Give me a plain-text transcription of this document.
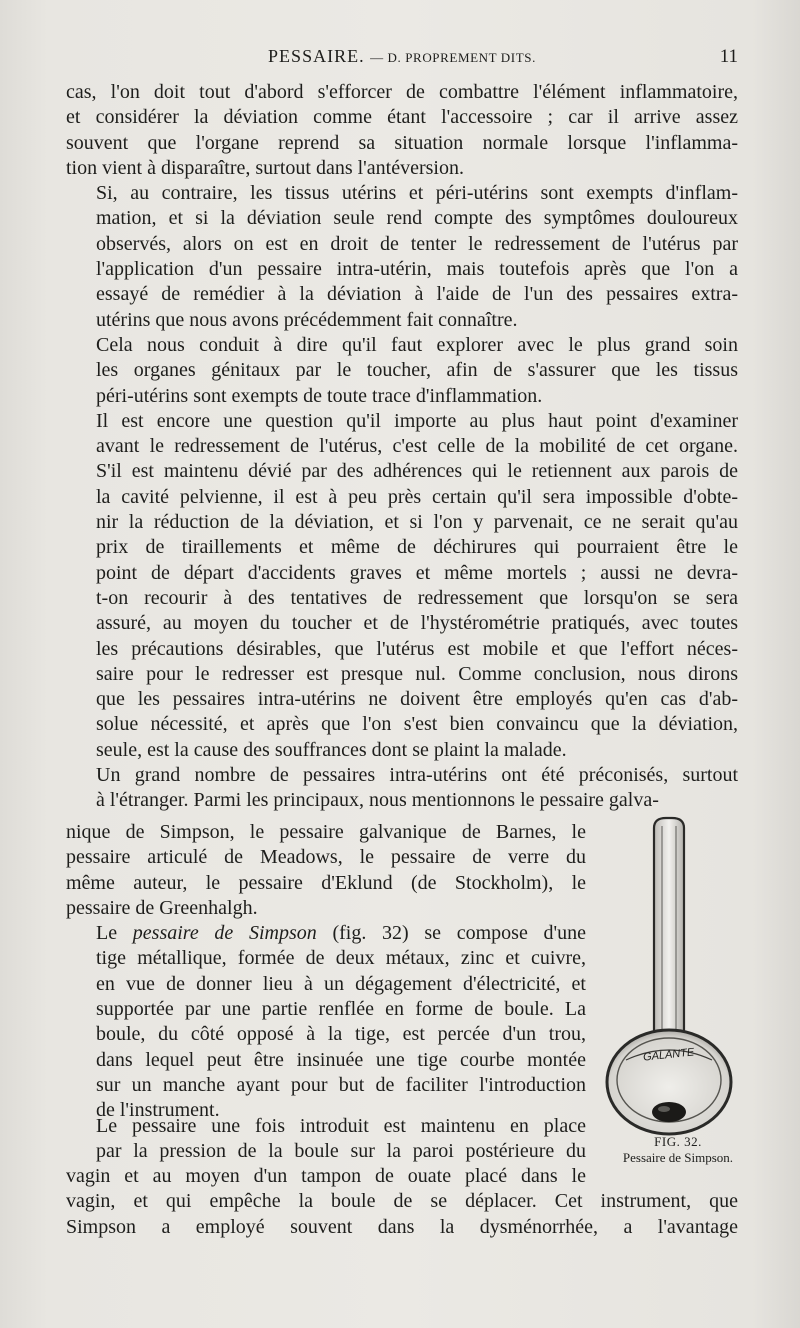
PESSAIRE. — D. PROPREMENT DITS.	11

cas, l'on doit tout d'abord s'efforcer de combattre l'élément inflammatoire,
et considérer la déviation comme étant l'accessoire ; car il arrive assez
souvent que l'organe reprend sa situation normale lorsque l'inflamma-
tion vient à disparaître, surtout dans l'antéversion.

Si, au contraire, les tissus utérins et péri-utérins sont exempts d'inflam-
mation, et si la déviation seule rend compte des symptômes douloureux
observés, alors on est en droit de tenter le redressement de l'utérus par
l'application d'un pessaire intra-utérin, mais toutefois après que l'on a
essayé de remédier à la déviation à l'aide de l'un des pessaires extra-
utérins que nous avons précédemment fait connaître.

Cela nous conduit à dire qu'il faut explorer avec le plus grand soin
les organes génitaux par le toucher, afin de s'assurer que les tissus
péri-utérins sont exempts de toute trace d'inflammation.

Il est encore une question qu'il importe au plus haut point d'examiner
avant le redressement de l'utérus, c'est celle de la mobilité de cet organe.
S'il est maintenu dévié par des adhérences qui le retiennent aux parois de
la cavité pelvienne, il est à peu près certain qu'il sera impossible d'obte-
nir la réduction de la déviation, et si l'on y parvenait, ce ne serait qu'au
prix de tiraillements et même de déchirures qui pourraient être le
point de départ d'accidents graves et même mortels ; aussi ne devra-
t-on recourir à des tentatives de redressement que lorsqu'on se sera
assuré, au moyen du toucher et de l'hystérométrie pratiqués, avec toutes
les précautions désirables, que l'utérus est mobile et que l'effort néces-
saire pour le redresser est presque nul. Comme conclusion, nous dirons
que les pessaires intra-utérins ne doivent être employés qu'en cas d'ab-
solue nécessité, et après que l'on s'est bien convaincu que la déviation,
seule, est la cause des souffrances dont se plaint la malade.

Un grand nombre de pessaires intra-utérins ont été préconisés, surtout
à l'étranger. Parmi les principaux, nous mentionnons le pessaire galva-

nique de Simpson, le pessaire galvanique de Barnes, le
pessaire articulé de Meadows, le pessaire de verre du
même auteur, le pessaire d'Eklund (de Stockholm), le
pessaire de Greenhalgh.

Le pessaire de Simpson (fig. 32) se compose d'une
tige métallique, formée de deux métaux, zinc et cuivre,
en vue de donner lieu à un dégagement d'électricité, et
supportée par une partie renflée en forme de boule. La
boule, du côté opposé à la tige, est percée d'un trou,
dans lequel peut être insinuée une tige courbe montée
sur un manche ayant pour but de faciliter l'introduction
de l'instrument.

Le pessaire une fois introduit est maintenu en place
par la pression de la boule sur la paroi postérieure du

vagin et au moyen d'un tampon de ouate placé dans le
vagin, et qui empêche la boule de se déplacer. Cet instrument, que
Simpson a employé souvent dans la dysménorrhée, a l'avantage

GALANTE
FIG. 32.
Pessaire de Simpson.
